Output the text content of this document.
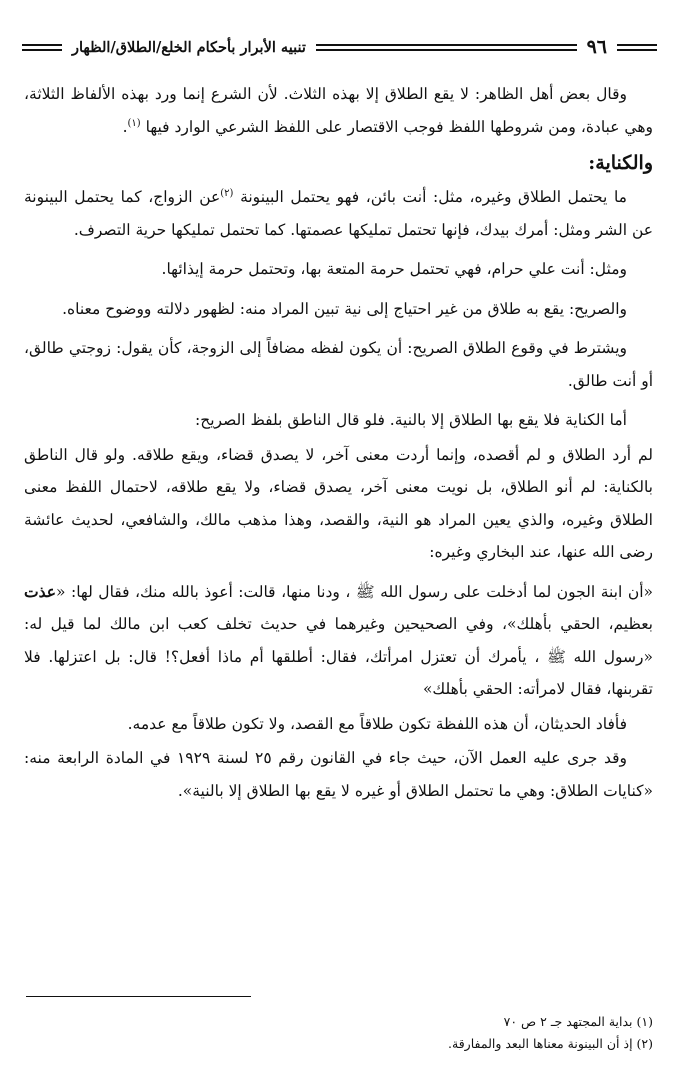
٩٦
تنبيه الأبرار بأحكام الخلع/الطلاق/الظهار

وقال بعض أهل الظاهر: لا يقع الطلاق إلا بهذه الثلاث. لأن الشرع إنما ورد بهذه الألفاظ الثلاثة، وهي عبادة، ومن شروطها اللفظ فوجب الاقتصار على اللفظ الشرعي الوارد فيها $^{(١)}$.

والكناية:

ما يحتمل الطلاق وغيره، مثل: أنت بائن، فهو يحتمل البينونة $^{(٢)}$عن الزواج، كما يحتمل البينونة عن الشر ومثل: أمرك بيدك، فإنها تحتمل تمليكها عصمتها. كما تحتمل تمليكها حرية التصرف.

ومثل: أنت علي حرام، فهي تحتمل حرمة المتعة بها، وتحتمل حرمة إيذائها.

والصريح: يقع به طلاق من غير احتياج إلى نية تبين المراد منه: لظهور دلالته ووضوح معناه.

ويشترط في وقوع الطلاق الصريح: أن يكون لفظه مضافاً إلى الزوجة، كأن يقول: زوجتي طالق، أو أنت طالق.

أما الكناية فلا يقع بها الطلاق إلا بالنية. فلو قال الناطق بلفظ الصريح:

لم أرد الطلاق و لم أقصده، وإنما أردت معنى آخر، لا يصدق قضاء، ويقع طلاقه. ولو قال الناطق بالكناية: لم أنو الطلاق، بل نويت معنى آخر، يصدق قضاء، ولا يقع طلاقه، لاحتمال اللفظ معنى الطلاق وغيره، والذي يعين المراد هو النية، والقصد، وهذا مذهب مالك، والشافعي، لحديث عائشة رضى الله عنها، عند البخاري وغيره:

«أن ابنة الجون لما أدخلت على رسول الله ﷺ ، ودنا منها، قالت: أعوذ بالله منك، فقال لها: «عذت بعظيم، الحقي بأهلك»، وفي الصحيحين وغيرهما في حديث تخلف كعب ابن مالك لما قيل له: «رسول الله ﷺ ، يأمرك أن تعتزل امرأتك، فقال: أطلقها أم ماذا أفعل؟! قال: بل اعتزلها. فلا تقربنها، فقال لامرأته: الحقي بأهلك»

فأفاد الحديثان، أن هذه اللفظة تكون طلاقاً مع القصد، ولا تكون طلاقاً مع عدمه.

وقد جرى عليه العمل الآن، حيث جاء في القانون رقم ٢٥ لسنة ١٩٢٩ في المادة الرابعة منه: «كنايات الطلاق: وهي ما تحتمل الطلاق أو غيره لا يقع بها الطلاق إلا بالنية».

(١) بداية المجتهد جـ ٢ ص ٧٠
(٢) إذ أن البينونة معناها البعد والمفارقة.
